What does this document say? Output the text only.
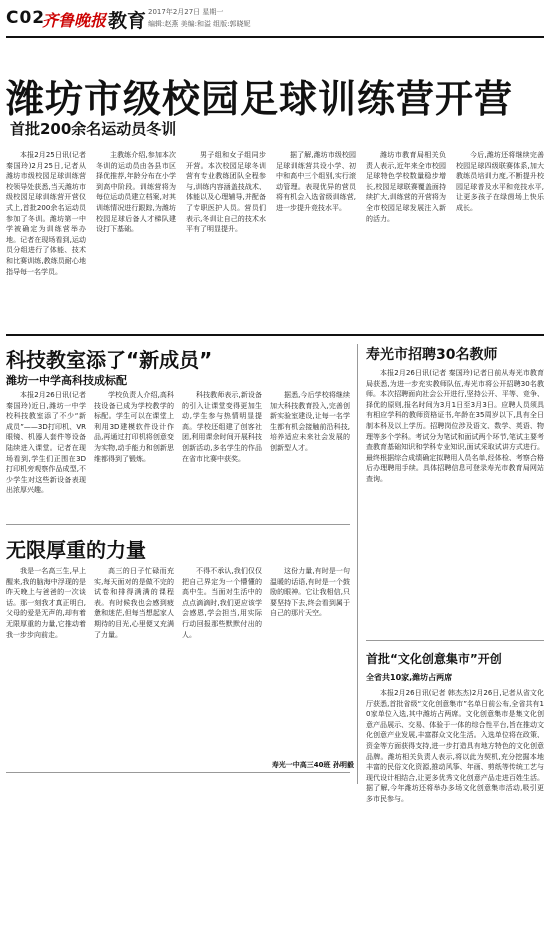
C02
齐鲁晚报 教育 2017年2月27日 星期一
编辑:赵燕 美编:和溢 组版:郭晓妮
潍坊市级校园足球训练营开营
首批200余名运动员冬训

本报2月25日讯(记者 秦国玲)2月25日,记者从潍坊市级校园足球训练营校领导处获悉,当天潍坊市级校园足球训练营开营仪式上,首批200余名运动员参加了冬训。潍坊第一中学被确定为训练营举办地。记者在现场看到,运动员分组进行了体能、技术和比赛训练,教练员耐心地指导每一名学员。

主教练介绍,参加本次冬训的运动员由各县市区择优推荐,年龄分布在小学到高中阶段。训练营将为每位运动员建立档案,对其训练情况进行跟踪,为潍坊校园足球后备人才梯队建设打下基础。

男子组和女子组同步开营。本次校园足球冬训营有专业教练团队全程参与,训练内容涵盖技战术、体能以及心理辅导,并配备了专职医护人员。营员们表示,冬训让自己的技术水平有了明显提升。

据了解,潍坊市级校园足球训练营共设小学、初中和高中三个组别,实行滚动管理。表现优异的营员将有机会入选省级训练营,进一步提升竞技水平。

潍坊市教育局相关负责人表示,近年来全市校园足球特色学校数量稳步增长,校园足球联赛覆盖面持续扩大,训练营的开营将为全市校园足球发展注入新的活力。

今后,潍坊还将继续完善校园足球四级联赛体系,加大教练员培训力度,不断提升校园足球普及水平和竞技水平,让更多孩子在绿茵场上快乐成长。

科技教室添了“新成员”
潍坊一中学高科技成标配

本报2月26日讯(记者 秦国玲)近日,潍坊一中学校科技教室添了不少“新成员”——3D打印机、VR眼镜、机器人套件等设备陆续进入课堂。记者在现场看到,学生们正围在3D打印机旁观察作品成型,不少学生对这些新设备表现出浓厚兴趣。

学校负责人介绍,高科技设备已成为学校教学的标配。学生可以在课堂上利用3D建模软件设计作品,再通过打印机将创意变为实物,动手能力和创新思维都得到了锻炼。

科技教师表示,新设备的引入让课堂变得更加生动,学生参与热情明显提高。学校还组建了创客社团,利用课余时间开展科技创新活动,多名学生的作品在省市比赛中获奖。

据悉,今后学校将继续加大科技教育投入,完善创新实验室建设,让每一名学生都有机会接触前沿科技,培养适应未来社会发展的创新型人才。

无限厚重的力量

我是一名高三生,早上醒来,我的脑海中浮现的是昨天晚上与爸爸的一次谈话。那一刻我才真正明白,父母的爱是无声的,却有着无限厚重的力量,它推动着我一步步向前走。

高三的日子忙碌而充实,每天面对的是做不完的试卷和排得满满的课程表。有时候我也会感到疲惫和迷茫,但每当想起家人期待的目光,心里便又充满了力量。

不得不承认,我们仅仅把自己界定为一个懵懂的高中生。当面对生活中的点点滴滴时,我们更应该学会感恩,学会担当,用实际行动回报那些默默付出的人。

这份力量,有时是一句温暖的话语,有时是一个鼓励的眼神。它让我相信,只要坚持下去,终会看到属于自己的那片天空。

寿光一中高三40班 孙明毅
寿光市招聘30名教师

本报2月26日讯(记者 秦国玲)记者日前从寿光市教育局获悉,为进一步充实教师队伍,寿光市将公开招聘30名教师。本次招聘面向社会公开进行,坚持公开、平等、竞争、择优的原则,报名时间为3月1日至3月3日。应聘人员须具有相应学科的教师资格证书,年龄在35周岁以下,具有全日制本科及以上学历。招聘岗位涉及语文、数学、英语、物理等多个学科。考试分为笔试和面试两个环节,笔试主要考查教育基础知识和学科专业知识,面试采取试讲方式进行。最终根据综合成绩确定拟聘用人员名单,经体检、考察合格后办理聘用手续。具体招聘信息可登录寿光市教育局网站查询。

首批“文化创意集市”开创
全省共10家,潍坊占两席

本报2月26日讯(记者 韩杰杰)2月26日,记者从省文化厅获悉,首批省级“文化创意集市”名单日前公布,全省共有10家单位入选,其中潍坊占两席。文化创意集市是集文化创意产品展示、交易、体验于一体的综合性平台,旨在推动文化创意产业发展,丰富群众文化生活。入选单位将在政策、资金等方面获得支持,进一步打造具有地方特色的文化创意品牌。潍坊相关负责人表示,将以此为契机,充分挖掘本地丰富的民俗文化资源,推动风筝、年画、剪纸等传统工艺与现代设计相结合,让更多优秀文化创意产品走进百姓生活。据了解,今年潍坊还将举办多场文化创意集市活动,吸引更多市民参与。
